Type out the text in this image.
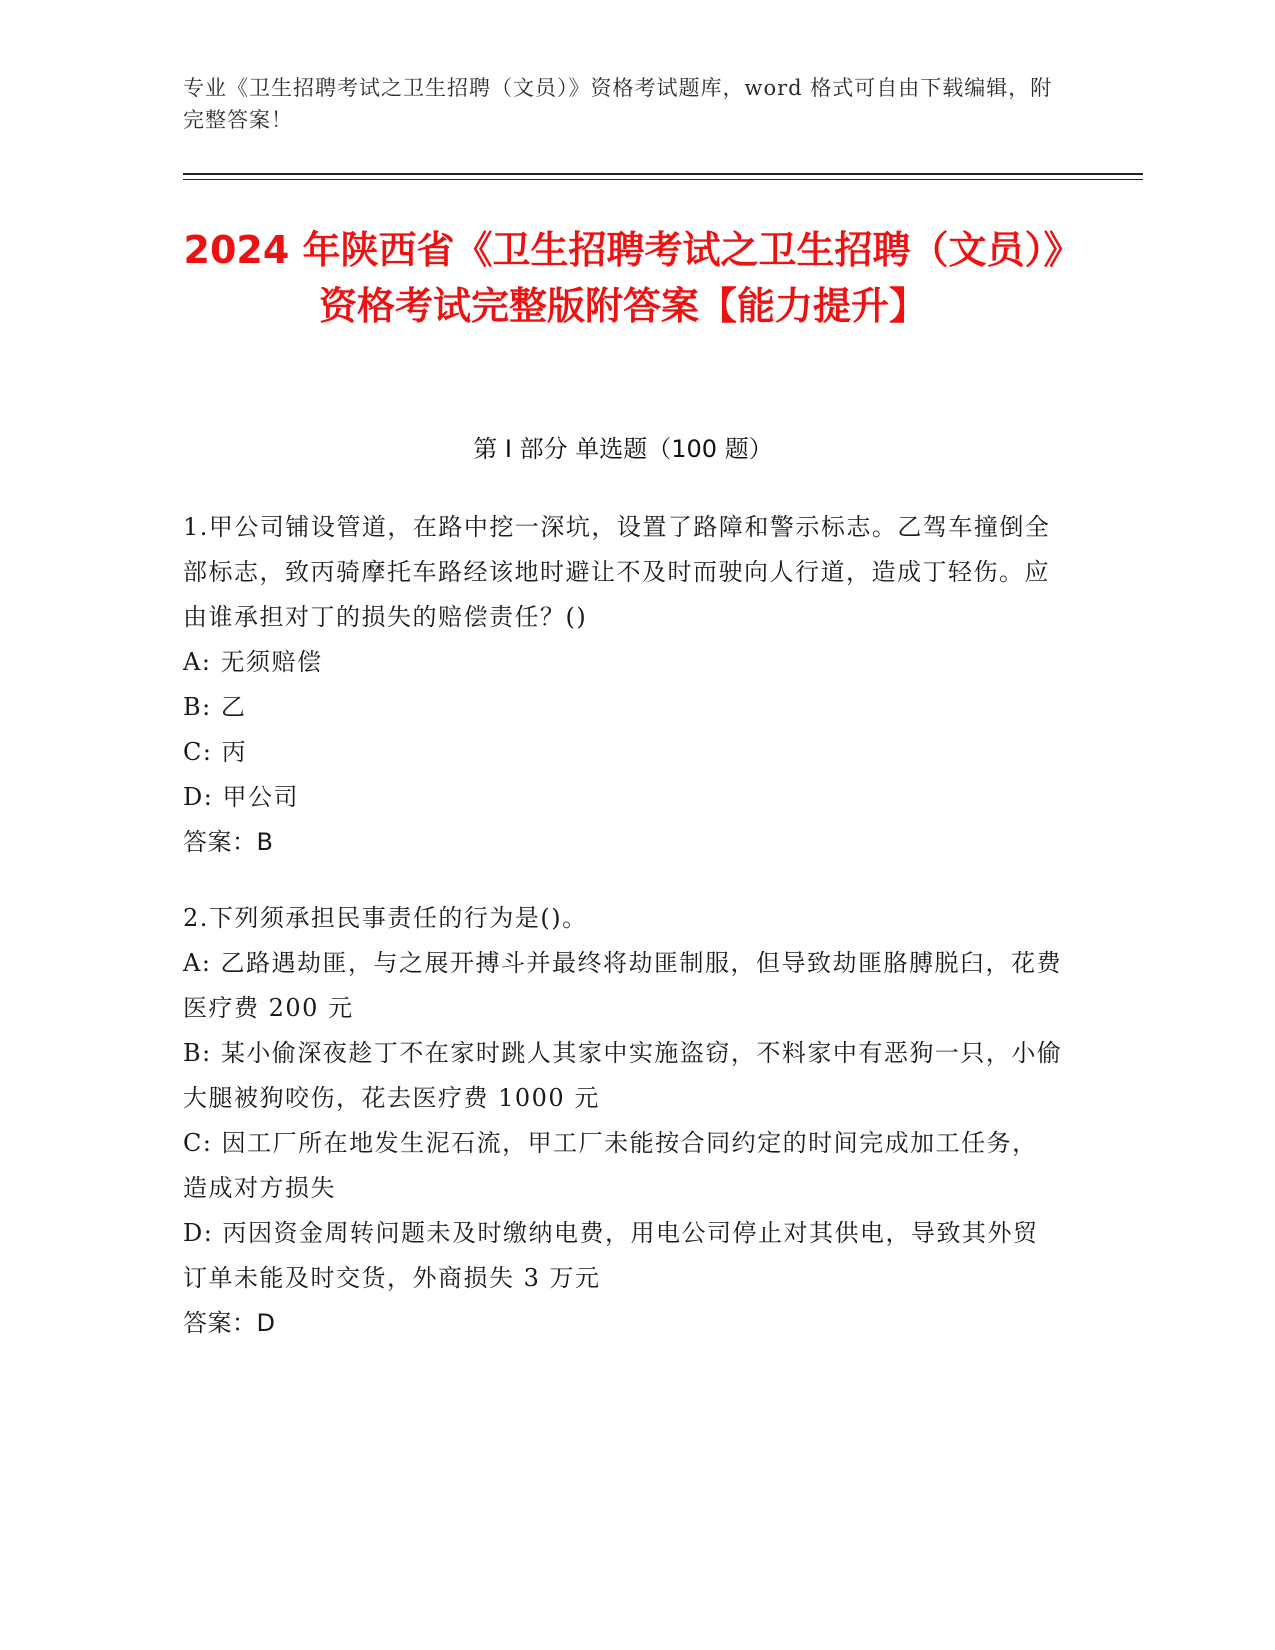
专业《卫生招聘考试之卫生招聘（文员）》资格考试题库，word 格式可自由下载编辑，附完整答案！
2024 年陕西省《卫生招聘考试之卫生招聘（文员）》资格考试完整版附答案【能力提升】
第 I 部分 单选题（100 题）

1.甲公司铺设管道，在路中挖一深坑，设置了路障和警示标志。乙驾车撞倒全部标志，致丙骑摩托车路经该地时避让不及时而驶向人行道，造成丁轻伤。应由谁承担对丁的损失的赔偿责任？()

A: 无须赔偿

B: 乙

C: 丙

D: 甲公司

答案：B

2.下列须承担民事责任的行为是()。

A: 乙路遇劫匪，与之展开搏斗并最终将劫匪制服，但导致劫匪胳膊脱臼，花费医疗费 200 元

B: 某小偷深夜趁丁不在家时跳人其家中实施盗窃，不料家中有恶狗一只，小偷大腿被狗咬伤，花去医疗费 1000 元

C: 因工厂所在地发生泥石流，甲工厂未能按合同约定的时间完成加工任务，造成对方损失

D: 丙因资金周转问题未及时缴纳电费，用电公司停止对其供电，导致其外贸订单未能及时交货，外商损失 3 万元

答案：D
